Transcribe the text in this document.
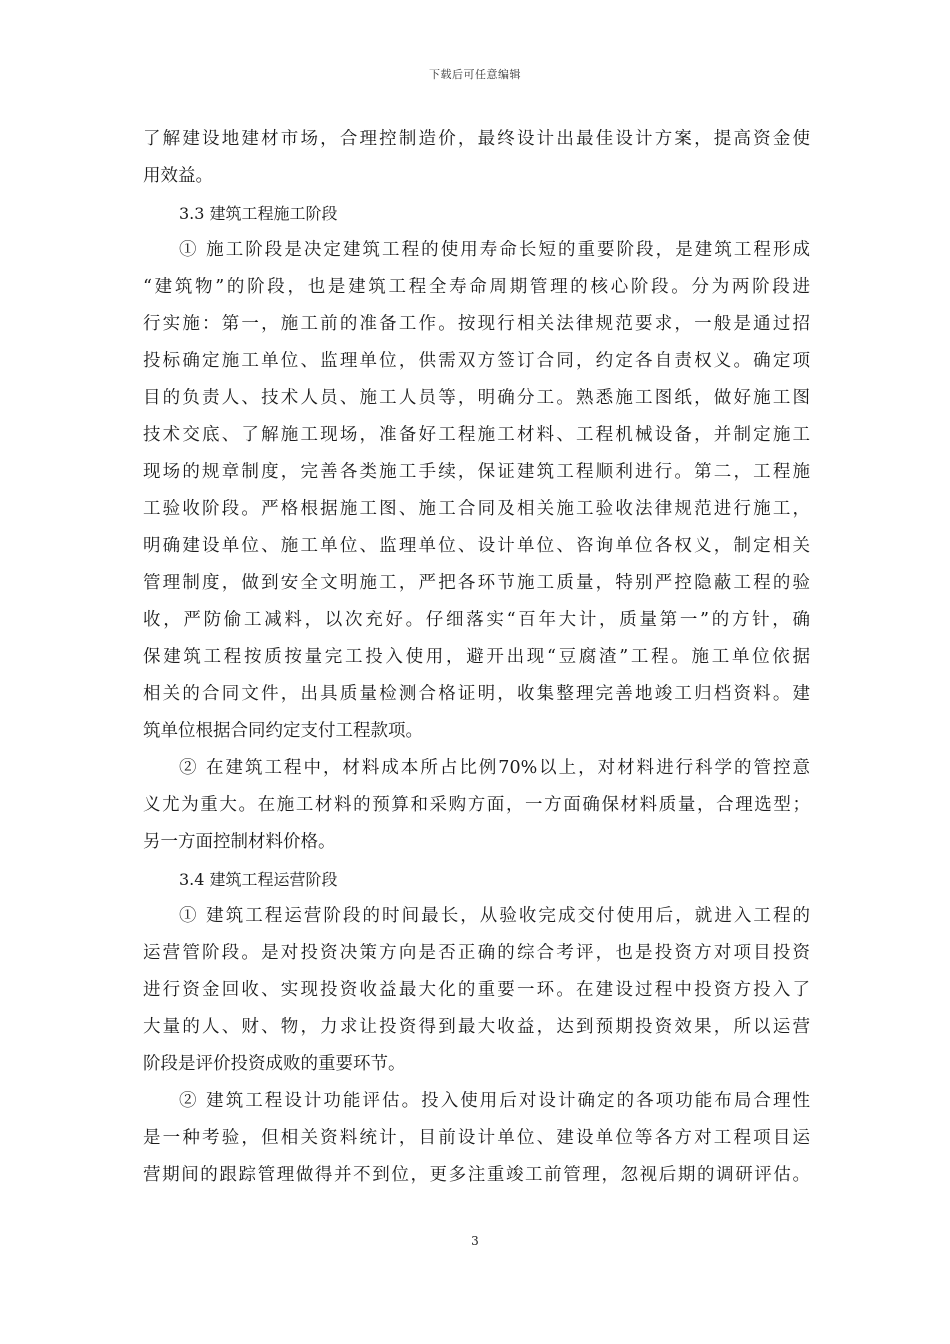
下载后可任意编辑
了解建设地建材市场，合理控制造价，最终设计出最佳设计方案，提高资金使
用效益。
3.3 建筑工程施工阶段
① 施工阶段是决定建筑工程的使用寿命长短的重要阶段，是建筑工程形成
“建筑物”的阶段，也是建筑工程全寿命周期管理的核心阶段。分为两阶段进
行实施：第一，施工前的准备工作。按现行相关法律规范要求，一般是通过招
投标确定施工单位、监理单位，供需双方签订合同，约定各自责权义。确定项
目的负责人、技术人员、施工人员等，明确分工。熟悉施工图纸，做好施工图
技术交底、了解施工现场，准备好工程施工材料、工程机械设备，并制定施工
现场的规章制度，完善各类施工手续，保证建筑工程顺利进行。第二，工程施
工验收阶段。严格根据施工图、施工合同及相关施工验收法律规范进行施工，
明确建设单位、施工单位、监理单位、设计单位、咨询单位各权义，制定相关
管理制度，做到安全文明施工，严把各环节施工质量，特别严控隐蔽工程的验
收，严防偷工减料，以次充好。仔细落实“百年大计，质量第一”的方针，确
保建筑工程按质按量完工投入使用，避开出现“豆腐渣”工程。施工单位依据
相关的合同文件，出具质量检测合格证明，收集整理完善地竣工归档资料。建
筑单位根据合同约定支付工程款项。
② 在建筑工程中，材料成本所占比例70%以上，对材料进行科学的管控意
义尤为重大。在施工材料的预算和采购方面，一方面确保材料质量，合理选型；
另一方面控制材料价格。
3.4 建筑工程运营阶段
① 建筑工程运营阶段的时间最长，从验收完成交付使用后，就进入工程的
运营管阶段。是对投资决策方向是否正确的综合考评，也是投资方对项目投资
进行资金回收、实现投资收益最大化的重要一环。在建设过程中投资方投入了
大量的人、财、物，力求让投资得到最大收益，达到预期投资效果，所以运营
阶段是评价投资成败的重要环节。
② 建筑工程设计功能评估。投入使用后对设计确定的各项功能布局合理性
是一种考验，但相关资料统计，目前设计单位、建设单位等各方对工程项目运
营期间的跟踪管理做得并不到位，更多注重竣工前管理，忽视后期的调研评估。
3
